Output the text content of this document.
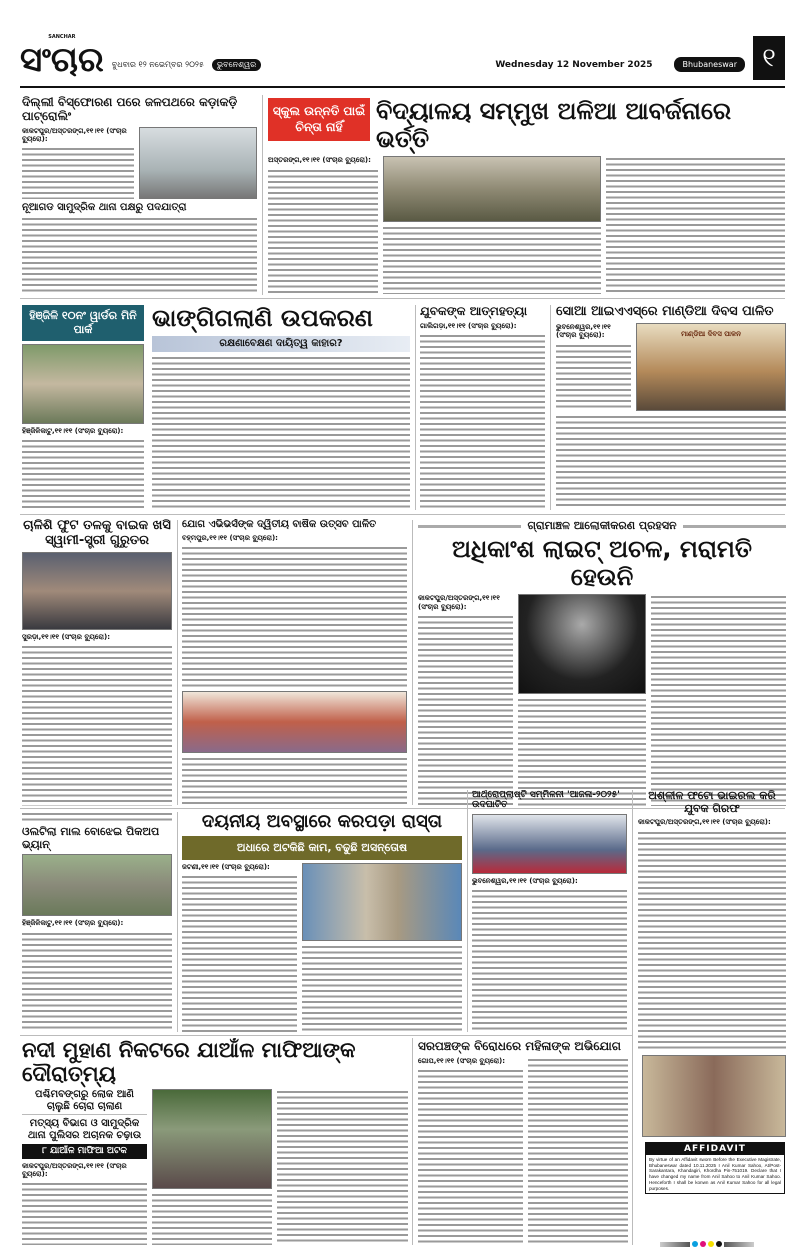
SANCHAR
ସଂଚାର ବୁଧବାର ୧୨ ନଭେମ୍ବର ୨୦୨୫	ଭୁବନେଶ୍ୱର	Wednesday 12 November 2025	Bhubaneswar ୧
ଦିଲ୍ଲୀ ବିସ୍ଫୋରଣ ପରେ ଜଳପଥରେ କଡ଼ାକଡ଼ି ପାଟ୍ରୋଲିଂ
କାକଟପୁର/ଅସ୍ତରଙ୍ଗ,୧୧।୧୧ (ସଂଚାର ବ୍ୟୁରୋ):
ନୂଆଗଡ ସାମୁଦ୍ରିକ ଥାନା ପକ୍ଷରୁ ପଦଯାତ୍ରା
ସ୍କୁଲ ଉନ୍ନତି ପାଇଁ ଚିନ୍ତା ନାହିଁ
ବିଦ୍ୟାଳୟ ସମ୍ମୁଖ ଅଳିଆ ଆବର୍ଜନାରେ ଭର୍ତ୍ତି
ଅସ୍ତରଙ୍ଗ,୧୧।୧୧ (ସଂଚାର ବ୍ୟୁରୋ):
ହିଞ୍ଜିଳି ୧୦ନଂ ୱାର୍ଡର ମିନି ପାର୍କ
ହିଞ୍ଜିଳିକାଟୁ,୧୧।୧୧ (ସଂଚାର ବ୍ୟୁରୋ):
ଭାଙ୍ଗିଗଲାଣି ଉପକରଣ
ରକ୍ଷଣାବେକ୍ଷଣ ଦାୟିତ୍ୱ କାହାର?
ଯୁବକଙ୍କ ଆତ୍ମହତ୍ୟା
ଗାଲିଗଡ଼ା,୧୧।୧୧ (ସଂଚାର ବ୍ୟୁରୋ):
ସୋଆ ଆଇଏଏସ୍‌ରେ ମାଣ୍ଡିଆ ଦିବସ ପାଳିତ
ଭୁବନେଶ୍ୱର,୧୧।୧୧ (ସଂଚାର ବ୍ୟୁରୋ):	ମାଣ୍ଡିଆ ଦିବସ ପାଳନ
ଚାଳିଶି ଫୁଟ ତଳକୁ ବାଇକ ଖସି ସ୍ୱାମୀ-ସ୍ତ୍ରୀ ଗୁରୁତର
ସୁରଡ଼ା,୧୧।୧୧ (ସଂଚାର ବ୍ୟୁରୋ):
ଯୋଗ ଏଭିଭର୍ସଙ୍କ ଦ୍ୱିତୀୟ ବାର୍ଷିକ ଉତ୍ସବ ପାଳିତ
ବହ୍ମପୁର,୧୧।୧୧ (ସଂଚାର ବ୍ୟୁରୋ):
ଗ୍ରାମାଞ୍ଚଳ ଆଲୋକୀକରଣ ପ୍ରହସନ
ଅଧିକାଂଶ ଲାଇଟ୍ ଅଚଳ, ମରାମତି ହେଉନି
କାକଟପୁର/ଅସ୍ତରଙ୍ଗ,୧୧।୧୧ (ସଂଚାର ବ୍ୟୁରୋ):
ଓଲଟିଲା ମାଲ ବୋଝେଇ ପିକଅପ ଭ୍ୟାନ୍
ହିଞ୍ଜିଳିକାଟୁ,୧୧।୧୧ (ସଂଚାର ବ୍ୟୁରୋ):
ଦୟନୀୟ ଅବସ୍ଥାରେ କରପଡ଼ା ରାସ୍ତା
ଅଧାରେ ଅଟକିଛି କାମ, ବଢୁଛି ଅସନ୍ତୋଷ
ଜଟଣୀ,୧୧।୧୧ (ସଂଚାର ବ୍ୟୁରୋ):
ଆର୍ଥ୍ରୋପ୍ଲାଷ୍ଟି ସମ୍ମିଳନୀ 'ଆଜଳା-୨୦୨୫' ଉଦଘାଟିତ
ଭୁବନେଶ୍ୱର,୧୧।୧୧ (ସଂଚାର ବ୍ୟୁରୋ):
ଅଶ୍ଳୀଳ ଫଟୋ ଭାଇରଲ କରି ଯୁବକ ଗିରଫ
କାକଟପୁର/ଅସ୍ତରଙ୍ଗ,୧୧।୧୧ (ସଂଚାର ବ୍ୟୁରୋ):
ନଦୀ ମୁହାଣ ନିକଟରେ ଯାଆଁଳ ମାଫିଆଙ୍କ ଦୌରାତ୍ମ୍ୟ
ପଶ୍ଚିମବଙ୍ଗରୁ ଲୋକ ଆଣି ଚାଲୁଛି ଚୋରା ଚାଲାଣ
ମତ୍ସ୍ୟ ବିଭାଗ ଓ ସାମୁଦ୍ରିକ ଥାନା ପୁଲିସର ଅଚାନକ ଚଢ଼ାଉ
୮ ଯାଆଁଳ ମାଫିଆ ଅଟକ
କାକଟପୁର/ଅସ୍ତରଙ୍ଗ,୧୧।୧୧ (ସଂଚାର ବ୍ୟୁରୋ):
ସରପଞ୍ଚଙ୍କ ବିରୋଧରେ ମହିଳାଙ୍କ ଅଭିଯୋଗ
ଗୋପ,୧୧।୧୧ (ସଂଚାର ବ୍ୟୁରୋ):
AFFIDAVIT
By virtue of an Affidavit sworn Before the Executive Magistrate, Bhubaneswar dated 10.11.2025 I Anil Kumar Sahoo, At/Post-Sarakantara, Khandagiri, Khordha Pin-751019. Declare that I have changed my name from Anil Sahoo to Anil Kumar Sahoo. Henceforth I shall be konwn as Anil Kumar Sahoo for all legal purposes.
